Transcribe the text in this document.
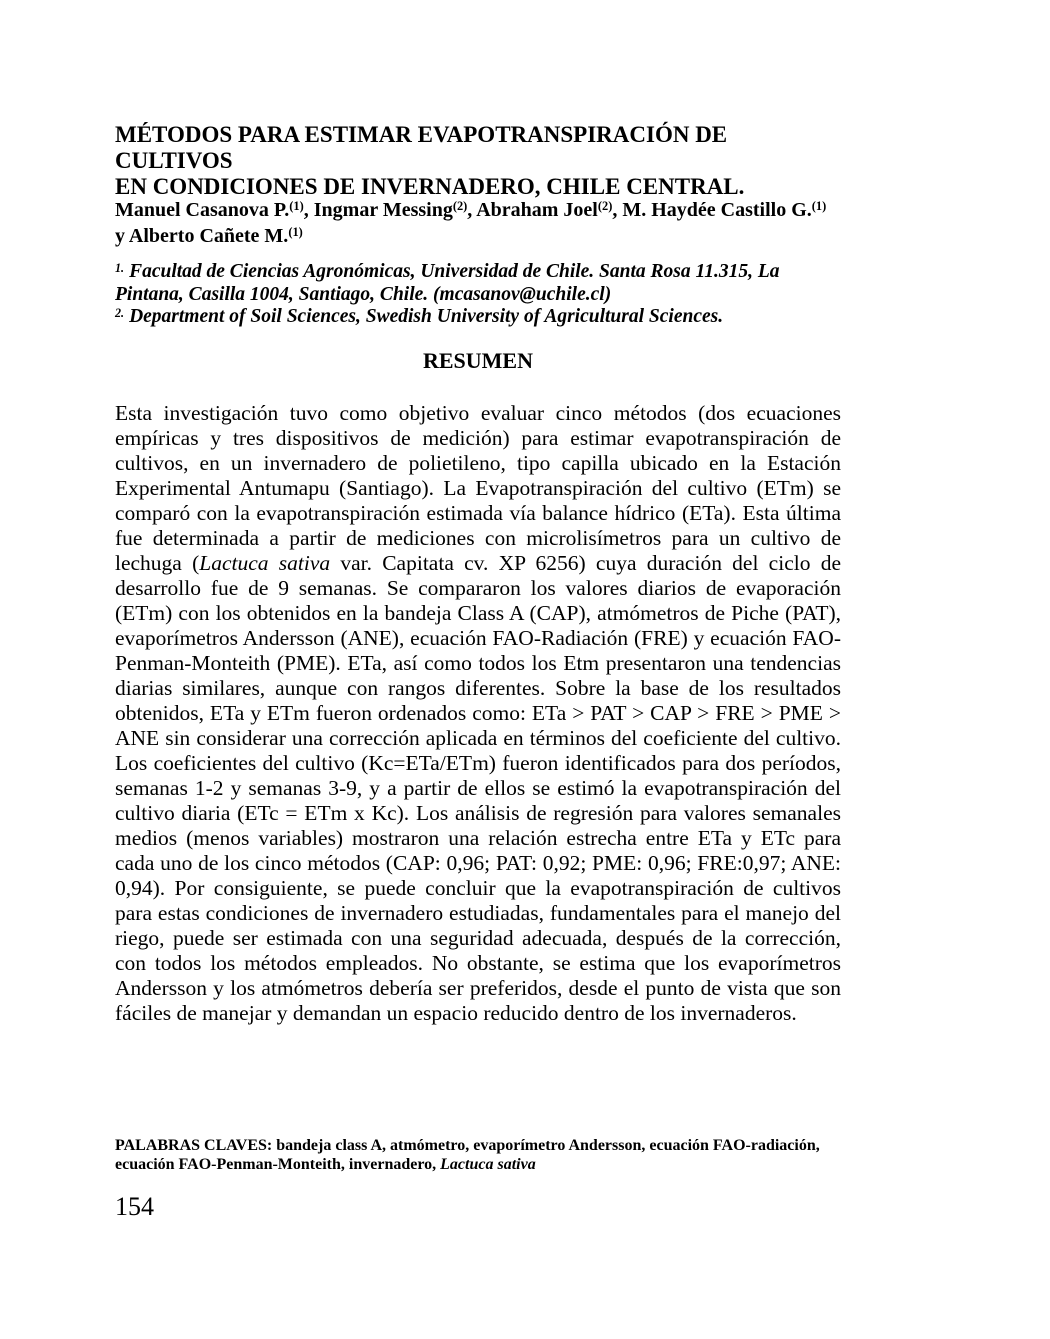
MÉTODOS PARA ESTIMAR EVAPOTRANSPIRACIÓN DE CULTIVOS
EN CONDICIONES DE INVERNADERO, CHILE CENTRAL.

Manuel Casanova P.$^{(1)}$, Ingmar Messing$^{(2)}$, Abraham Joel$^{(2)}$, M. Haydée Castillo G.$^{(1)}$ y Alberto Cañete M.$^{(1)}$

$^{1.}$ Facultad de Ciencias Agronómicas, Universidad de Chile. Santa Rosa 11.315, La Pintana, Casilla 1004, Santiago, Chile. (mcasanov@uchile.cl)
$^{2.}$ Department of Soil Sciences, Swedish University of Agricultural Sciences.
RESUMEN

Esta investigación tuvo como objetivo evaluar cinco métodos (dos ecuaciones empíricas y tres dispositivos de medición) para estimar evapotranspiración de cultivos, en un invernadero de polietileno, tipo capilla ubicado en la Estación Experimental Antumapu (Santiago). La Evapotranspiración del cultivo (ETm) se comparó con la evapotranspiración estimada vía balance hídrico (ETa). Esta última fue determinada a partir de mediciones con microlisímetros para un cultivo de lechuga (Lactuca sativa var. Capitata cv. XP 6256) cuya duración del ciclo de desarrollo fue de 9 semanas. Se compararon los valores diarios de evaporación (ETm) con los obtenidos en la bandeja Class A (CAP), atmómetros de Piche (PAT), evaporímetros Andersson (ANE), ecuación FAO-Radiación (FRE) y ecuación FAO-Penman-Monteith (PME). ETa, así como todos los Etm presentaron una tendencias diarias similares, aunque con rangos diferentes. Sobre la base de los resultados obtenidos, ETa y ETm fueron ordenados como: ETa > PAT > CAP > FRE > PME > ANE sin considerar una corrección aplicada en términos del coeficiente del cultivo. Los coeficientes del cultivo (Kc=ETa/ETm) fueron identificados para dos períodos, semanas 1-2 y semanas 3-9, y a partir de ellos se estimó la evapotranspiración del cultivo diaria (ETc = ETm x Kc). Los análisis de regresión para valores semanales medios (menos variables) mostraron una relación estrecha entre ETa y ETc para cada uno de los cinco métodos (CAP: 0,96; PAT: 0,92; PME: 0,96; FRE:0,97; ANE: 0,94). Por consiguiente, se puede concluir que la evapotranspiración de cultivos para estas condiciones de invernadero estudiadas, fundamentales para el manejo del riego, puede ser estimada con una seguridad adecuada, después de la corrección, con todos los métodos empleados. No obstante, se estima que los evaporímetros Andersson y los atmómetros debería ser preferidos, desde el punto de vista que son fáciles de manejar y demandan un espacio reducido dentro de los invernaderos.

PALABRAS CLAVES: bandeja class A, atmómetro, evaporímetro Andersson, ecuación FAO-radiación, ecuación FAO-Penman-Monteith, invernadero, Lactuca sativa

154
